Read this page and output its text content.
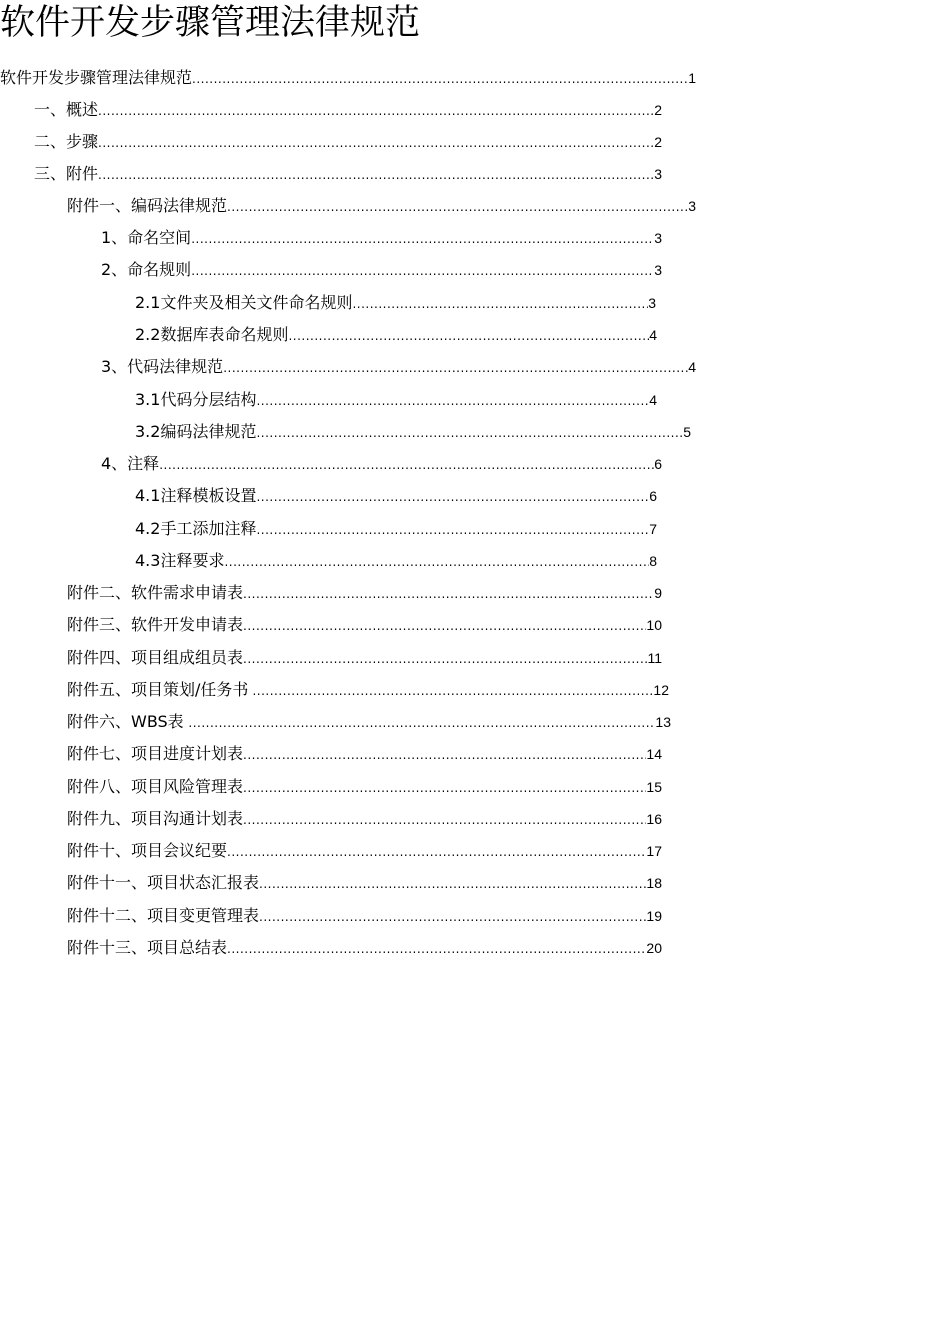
软件开发步骤管理法律规范
软件开发步骤管理法律规范 .....	1
一、概述 .....	2
二、步骤 .....	2
三、附件 .....	3
附件一、编码法律规范 .....	3
1、命名空间 .....	3
2、命名规则 .....	3
2.1文件夹及相关文件命名规则 .....	3
2.2数据库表命名规则 .....	4
3、代码法律规范 .....	4
3.1代码分层结构 .....	4
3.2编码法律规范 .....	5
4、注释 .....	6
4.1注释模板设置 .....	6
4.2手工添加注释 .....	7
4.3注释要求 .....	8
附件二、软件需求申请表 .....	9
附件三、软件开发申请表 .....	10
附件四、项目组成组员表 .....	11
附件五、项目策划/任务书 .....	12
附件六、WBS表 .....	13
附件七、项目进度计划表 .....	14
附件八、项目风险管理表 .....	15
附件九、项目沟通计划表 .....	16
附件十、项目会议纪要 .....	17
附件十一、项目状态汇报表 .....	18
附件十二、项目变更管理表 .....	19
附件十三、项目总结表 .....	20
